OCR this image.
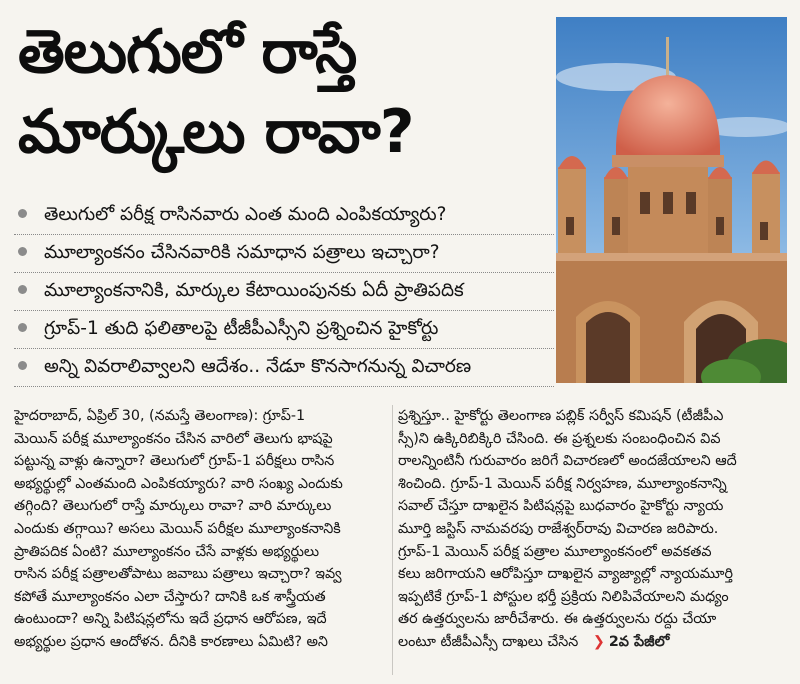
తెలుగులో రాస్తే
మార్కులు రావా?
తెలుగులో పరీక్ష రాసినవారు ఎంత మంది ఎంపికయ్యారు?
మూల్యాంకనం చేసినవారికి సమాధాన పత్రాలు ఇచ్చారా?
మూల్యాంకనానికి, మార్కుల కేటాయింపునకు ఏదీ ప్రాతిపదిక
గ్రూప్‌-1 తుది ఫలితాలపై టీజీపీఎస్సీని ప్రశ్నించిన హైకోర్టు
అన్ని వివరాలివ్వాలని ఆదేశం.. నేడూ కొనసాగనున్న విచారణ
హైదరాబాద్‌, ఏప్రిల్‌ 30, (నమస్తే తెలంగాణ): గ్రూప్‌-1
మెయిన్‌ పరీక్ష మూల్యాంకనం చేసిన వారిలో తెలుగు భాషపై
పట్టున్న వాళ్లు ఉన్నారా? తెలుగులో గ్రూప్‌-1 పరీక్షలు రాసిన
అభ్యర్థుల్లో ఎంతమంది ఎంపికయ్యారు? వారి సంఖ్య ఎందుకు
తగ్గింది? తెలుగులో రాస్తే మార్కులు రావా? వారి మార్కులు
ఎందుకు తగ్గాయి? అసలు మెయిన్‌ పరీక్షల మూల్యాంకనానికి
ప్రాతిపదిక ఏంటి? మూల్యాంకనం చేసే వాళ్లకు అభ్యర్థులు
రాసిన పరీక్ష పత్రాలతోపాటు జవాబు పత్రాలు ఇచ్చారా? ఇవ్వ
కపోతే మూల్యాంకనం ఎలా చేస్తారు? దానికి ఒక శాస్త్రీయత
ఉంటుందా? అన్ని పిటిషన్లలోను ఇదే ప్రధాన ఆరోపణ, ఇదే
అభ్యర్థుల ప్రధాన ఆందోళన. దీనికి కారణాలు ఏమిటి? అని
ప్రశ్నిస్తూ.. హైకోర్టు తెలంగాణ పబ్లిక్‌ సర్వీస్‌ కమిషన్‌ (టీజీపీఎ
స్సీ)ని ఉక్కిరిబిక్కిరి చేసింది. ఈ ప్రశ్నలకు సంబంధించిన వివ
రాలన్నింటినీ గురువారం జరిగే విచారణలో అందజేయాలని ఆదే
శించింది. గ్రూప్‌-1 మెయిన్‌ పరీక్ష నిర్వహణ, మూల్యాంకనాన్ని
సవాల్‌ చేస్తూ దాఖలైన పిటిషన్లపై బుధవారం హైకోర్టు న్యాయ
మూర్తి జస్టిస్‌ నామవరపు రాజేశ్వర్‌రావు విచారణ జరిపారు.
గ్రూప్‌-1 మెయిన్‌ పరీక్ష పత్రాల మూల్యాంకనంలో అవకతవ
కలు జరిగాయని ఆరోపిస్తూ దాఖలైన వ్యాజ్యాల్లో న్యాయమూర్తి
ఇప్పటికే గ్రూప్‌-1 పోస్టుల భర్తీ ప్రక్రియ నిలిపివేయాలని మధ్యం
తర ఉత్తర్వులను జారీచేశారు. ఈ ఉత్తర్వులను రద్దు చేయా
లంటూ టీజీపీఎస్సీ దాఖలు చేసిన ❯ 2వ పేజీలో
